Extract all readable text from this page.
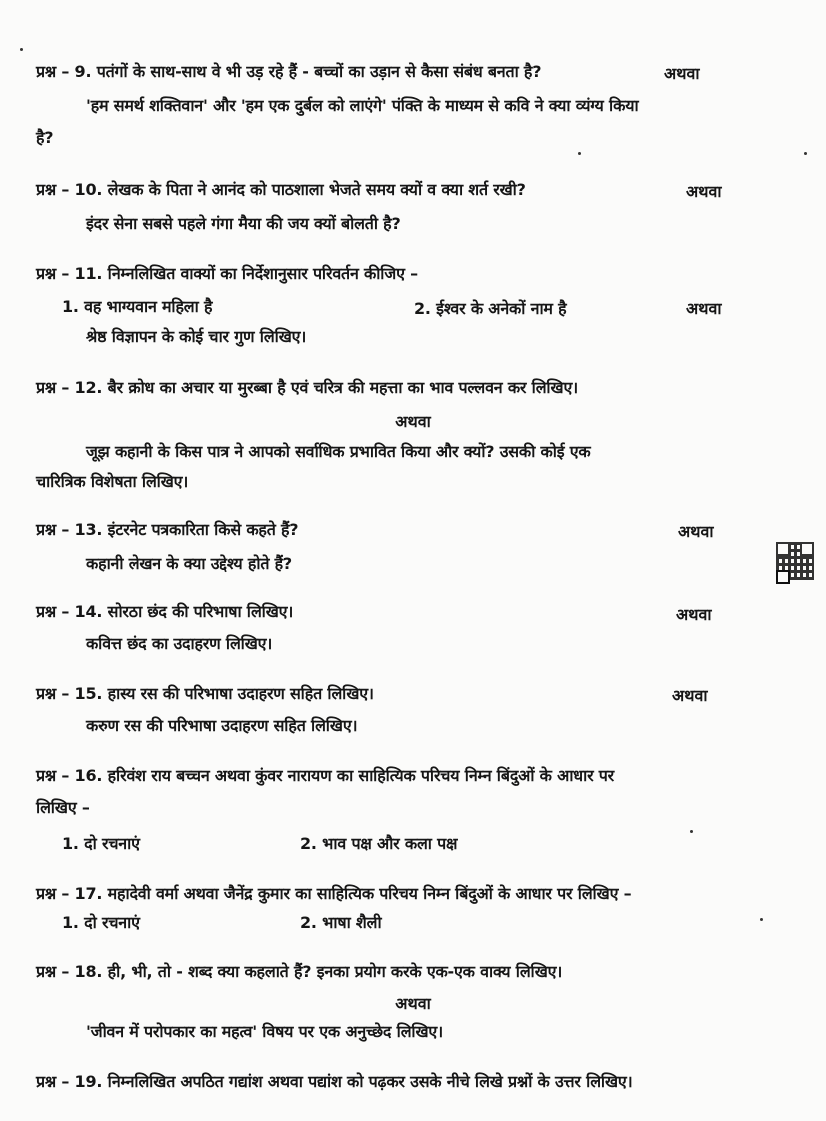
प्रश्न – 9. पतंगों के साथ-साथ वे भी उड़ रहे हैं - बच्चों का उड़ान से कैसा संबंध बनता है?	अथवा
'हम समर्थ शक्तिवान' और 'हम एक दुर्बल को लाएंगे' पंक्ति के माध्यम से कवि ने क्या व्यंग्य किया
है?
प्रश्न – 10. लेखक के पिता ने आनंद को पाठशाला भेजते समय क्यों व क्या शर्त रखी?	अथवा
इंदर सेना सबसे पहले गंगा मैया की जय क्यों बोलती है?
प्रश्न – 11. निम्नलिखित वाक्यों का निर्देशानुसार परिवर्तन कीजिए –
1. वह भाग्यवान महिला है	2. ईश्वर के अनेकों नाम है	अथवा
श्रेष्ठ विज्ञापन के कोई चार गुण लिखिए।
प्रश्न – 12. बैर क्रोध का अचार या मुरब्बा है एवं चरित्र की महत्ता का भाव पल्लवन कर लिखिए।
अथवा
जूझ कहानी के किस पात्र ने आपको सर्वाधिक प्रभावित किया और क्यों? उसकी कोई एक
चारित्रिक विशेषता लिखिए।
प्रश्न – 13. इंटरनेट पत्रकारिता किसे कहते हैं?	अथवा
कहानी लेखन के क्या उद्देश्य होते हैं?
प्रश्न – 14. सोरठा छंद की परिभाषा लिखिए।	अथवा
कवित्त छंद का उदाहरण लिखिए।
प्रश्न – 15. हास्य रस की परिभाषा उदाहरण सहित लिखिए।	अथवा
करुण रस की परिभाषा उदाहरण सहित लिखिए।
प्रश्न – 16. हरिवंश राय बच्चन अथवा कुंवर नारायण का साहित्यिक परिचय निम्न बिंदुओं के आधार पर
लिखिए –
1. दो रचनाएं	2. भाव पक्ष और कला पक्ष
प्रश्न – 17. महादेवी वर्मा अथवा जैनेंद्र कुमार का साहित्यिक परिचय निम्न बिंदुओं के आधार पर लिखिए –
1. दो रचनाएं	2. भाषा शैली
प्रश्न – 18. ही, भी, तो - शब्द क्या कहलाते हैं? इनका प्रयोग करके एक-एक वाक्य लिखिए।
अथवा
'जीवन में परोपकार का महत्व' विषय पर एक अनुच्छेद लिखिए।
प्रश्न – 19. निम्नलिखित अपठित गद्यांश अथवा पद्यांश को पढ़कर उसके नीचे लिखे प्रश्नों के उत्तर लिखिए।
